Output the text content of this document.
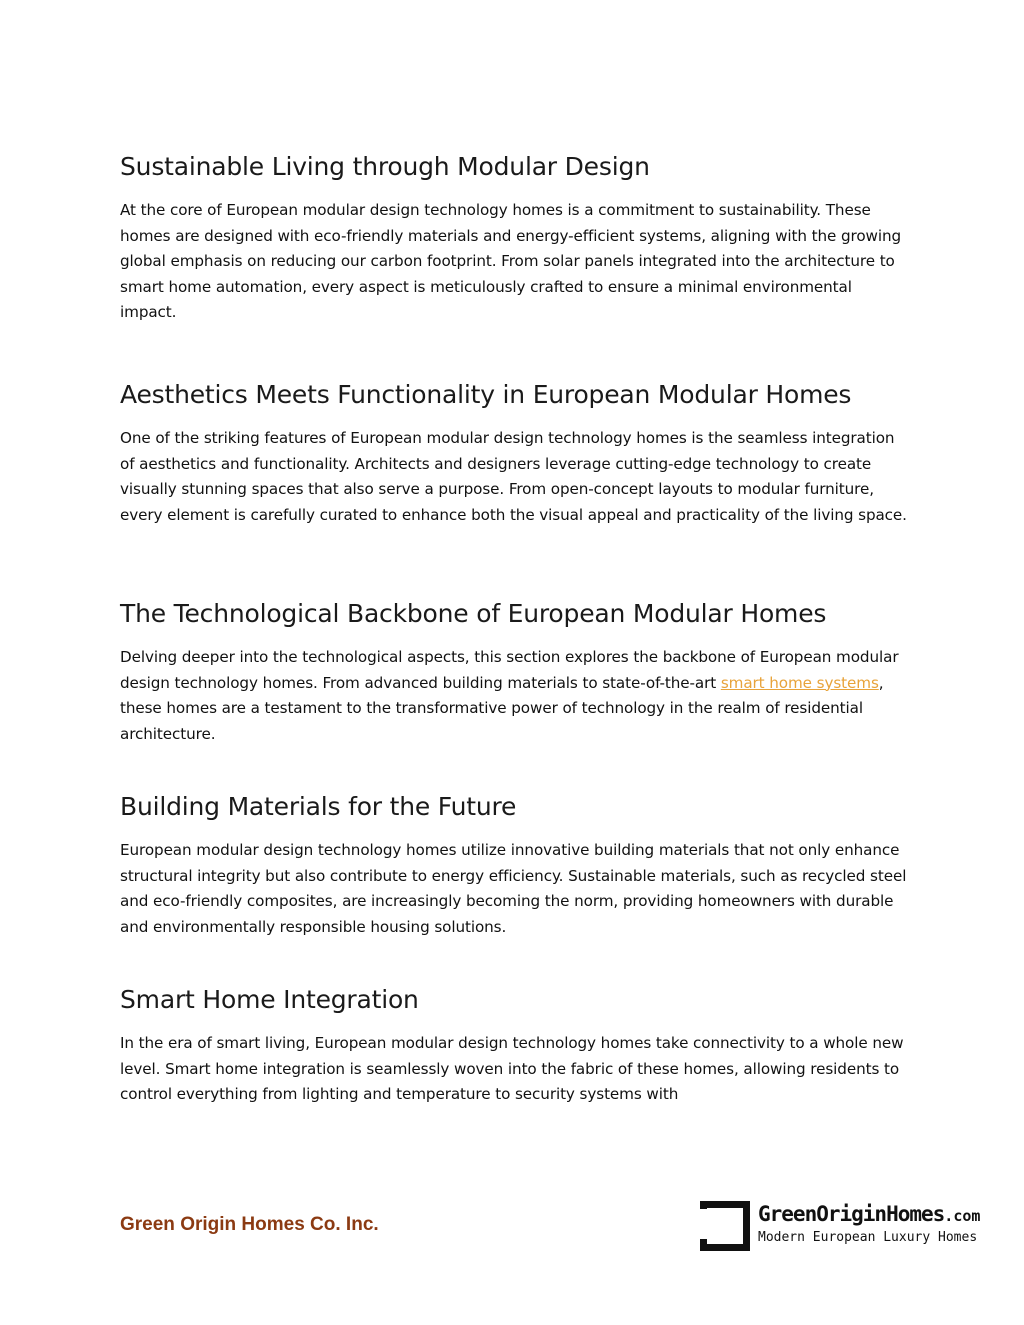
Sustainable Living through Modular Design

At the core of European modular design technology homes is a commitment to sustainability. These homes are designed with eco-friendly materials and energy-efficient systems, aligning with the growing global emphasis on reducing our carbon footprint. From solar panels integrated into the architecture to smart home automation, every aspect is meticulously crafted to ensure a minimal environmental impact.

Aesthetics Meets Functionality in European Modular Homes

One of the striking features of European modular design technology homes is the seamless integration of aesthetics and functionality. Architects and designers leverage cutting-edge technology to create visually stunning spaces that also serve a purpose. From open-concept layouts to modular furniture, every element is carefully curated to enhance both the visual appeal and practicality of the living space.

The Technological Backbone of European Modular Homes

Delving deeper into the technological aspects, this section explores the backbone of European modular design technology homes. From advanced building materials to state-of-the-art smart home systems, these homes are a testament to the transformative power of technology in the realm of residential architecture.

Building Materials for the Future

European modular design technology homes utilize innovative building materials that not only enhance structural integrity but also contribute to energy efficiency. Sustainable materials, such as recycled steel and eco-friendly composites, are increasingly becoming the norm, providing homeowners with durable and environmentally responsible housing solutions.

Smart Home Integration

In the era of smart living, European modular design technology homes take connectivity to a whole new level. Smart home integration is seamlessly woven into the fabric of these homes, allowing residents to control everything from lighting and temperature to security systems with

Green Origin Homes Co. Inc.	GreenOriginHomes.com
Modern European Luxury Homes
